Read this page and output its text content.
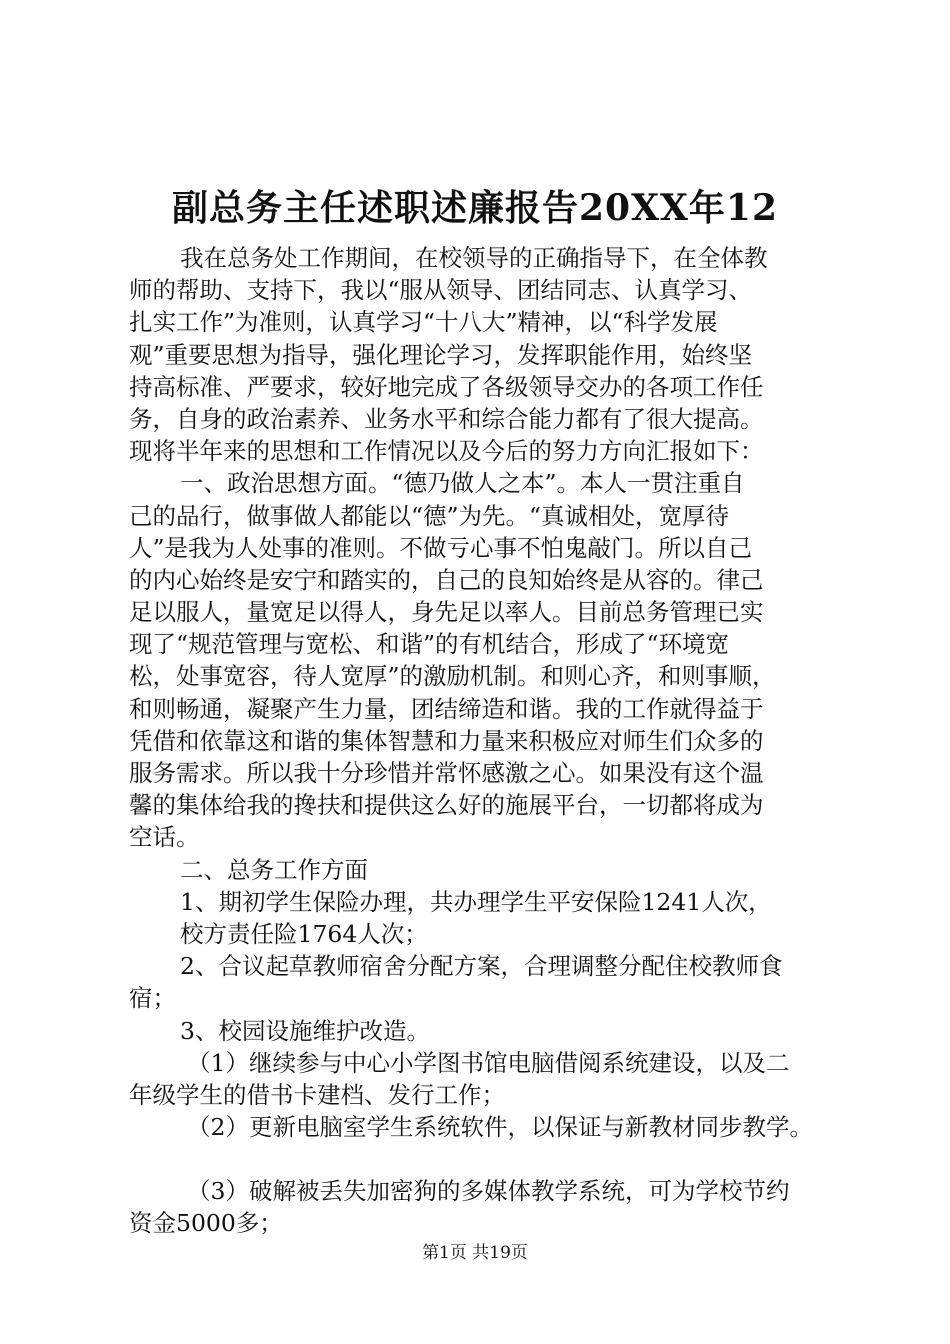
副总务主任述职述廉报告20XX年12
我在总务处工作期间，在校领导的正确指导下，在全体教
师的帮助、支持下，我以“服从领导、团结同志、认真学习、
扎实工作”为准则，认真学习“十八大”精神，以“科学发展
观”重要思想为指导，强化理论学习，发挥职能作用，始终坚
持高标准、严要求，较好地完成了各级领导交办的各项工作任
务，自身的政治素养、业务水平和综合能力都有了很大提高。
现将半年来的思想和工作情况以及今后的努力方向汇报如下：
一、政治思想方面。“德乃做人之本”。本人一贯注重自
己的品行，做事做人都能以“德”为先。“真诚相处，宽厚待
人”是我为人处事的准则。不做亏心事不怕鬼敲门。所以自己
的内心始终是安宁和踏实的，自己的良知始终是从容的。律己
足以服人，量宽足以得人，身先足以率人。目前总务管理已实
现了“规范管理与宽松、和谐”的有机结合，形成了“环境宽
松，处事宽容，待人宽厚”的激励机制。和则心齐，和则事顺，
和则畅通，凝聚产生力量，团结缔造和谐。我的工作就得益于
凭借和依靠这和谐的集体智慧和力量来积极应对师生们众多的
服务需求。所以我十分珍惜并常怀感激之心。如果没有这个温
馨的集体给我的搀扶和提供这么好的施展平台，一切都将成为
空话。
二、总务工作方面
1、期初学生保险办理，共办理学生平安保险1241人次，
校方责任险1764人次；
2、合议起草教师宿舍分配方案，合理调整分配住校教师食
宿；
3、校园设施维护改造。
（1）继续参与中心小学图书馆电脑借阅系统建设，以及二
年级学生的借书卡建档、发行工作；
（2）更新电脑室学生系统软件，以保证与新教材同步教学。
（3）破解被丢失加密狗的多媒体教学系统，可为学校节约
资金5000多；
第1页 共19页
